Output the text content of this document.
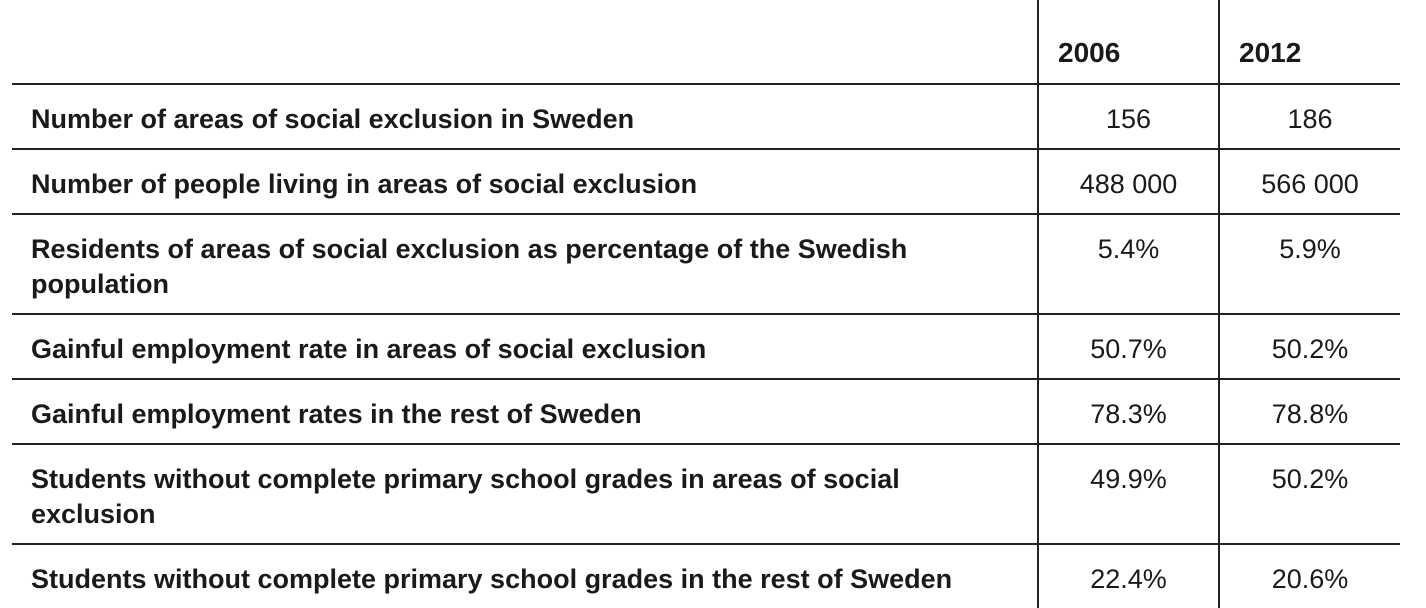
	2006	2012
Number of areas of social exclusion in Sweden	156	186
Number of people living in areas of social exclusion	488 000	566 000
Residents of areas of social exclusion as percentage of the Swedish population	5.4%	5.9%
Gainful employment rate in areas of social exclusion	50.7%	50.2%
Gainful employment rates in the rest of Sweden	78.3%	78.8%
Students without complete primary school grades in areas of social exclusion	49.9%	50.2%
Students without complete primary school grades in the rest of Sweden	22.4%	20.6%
